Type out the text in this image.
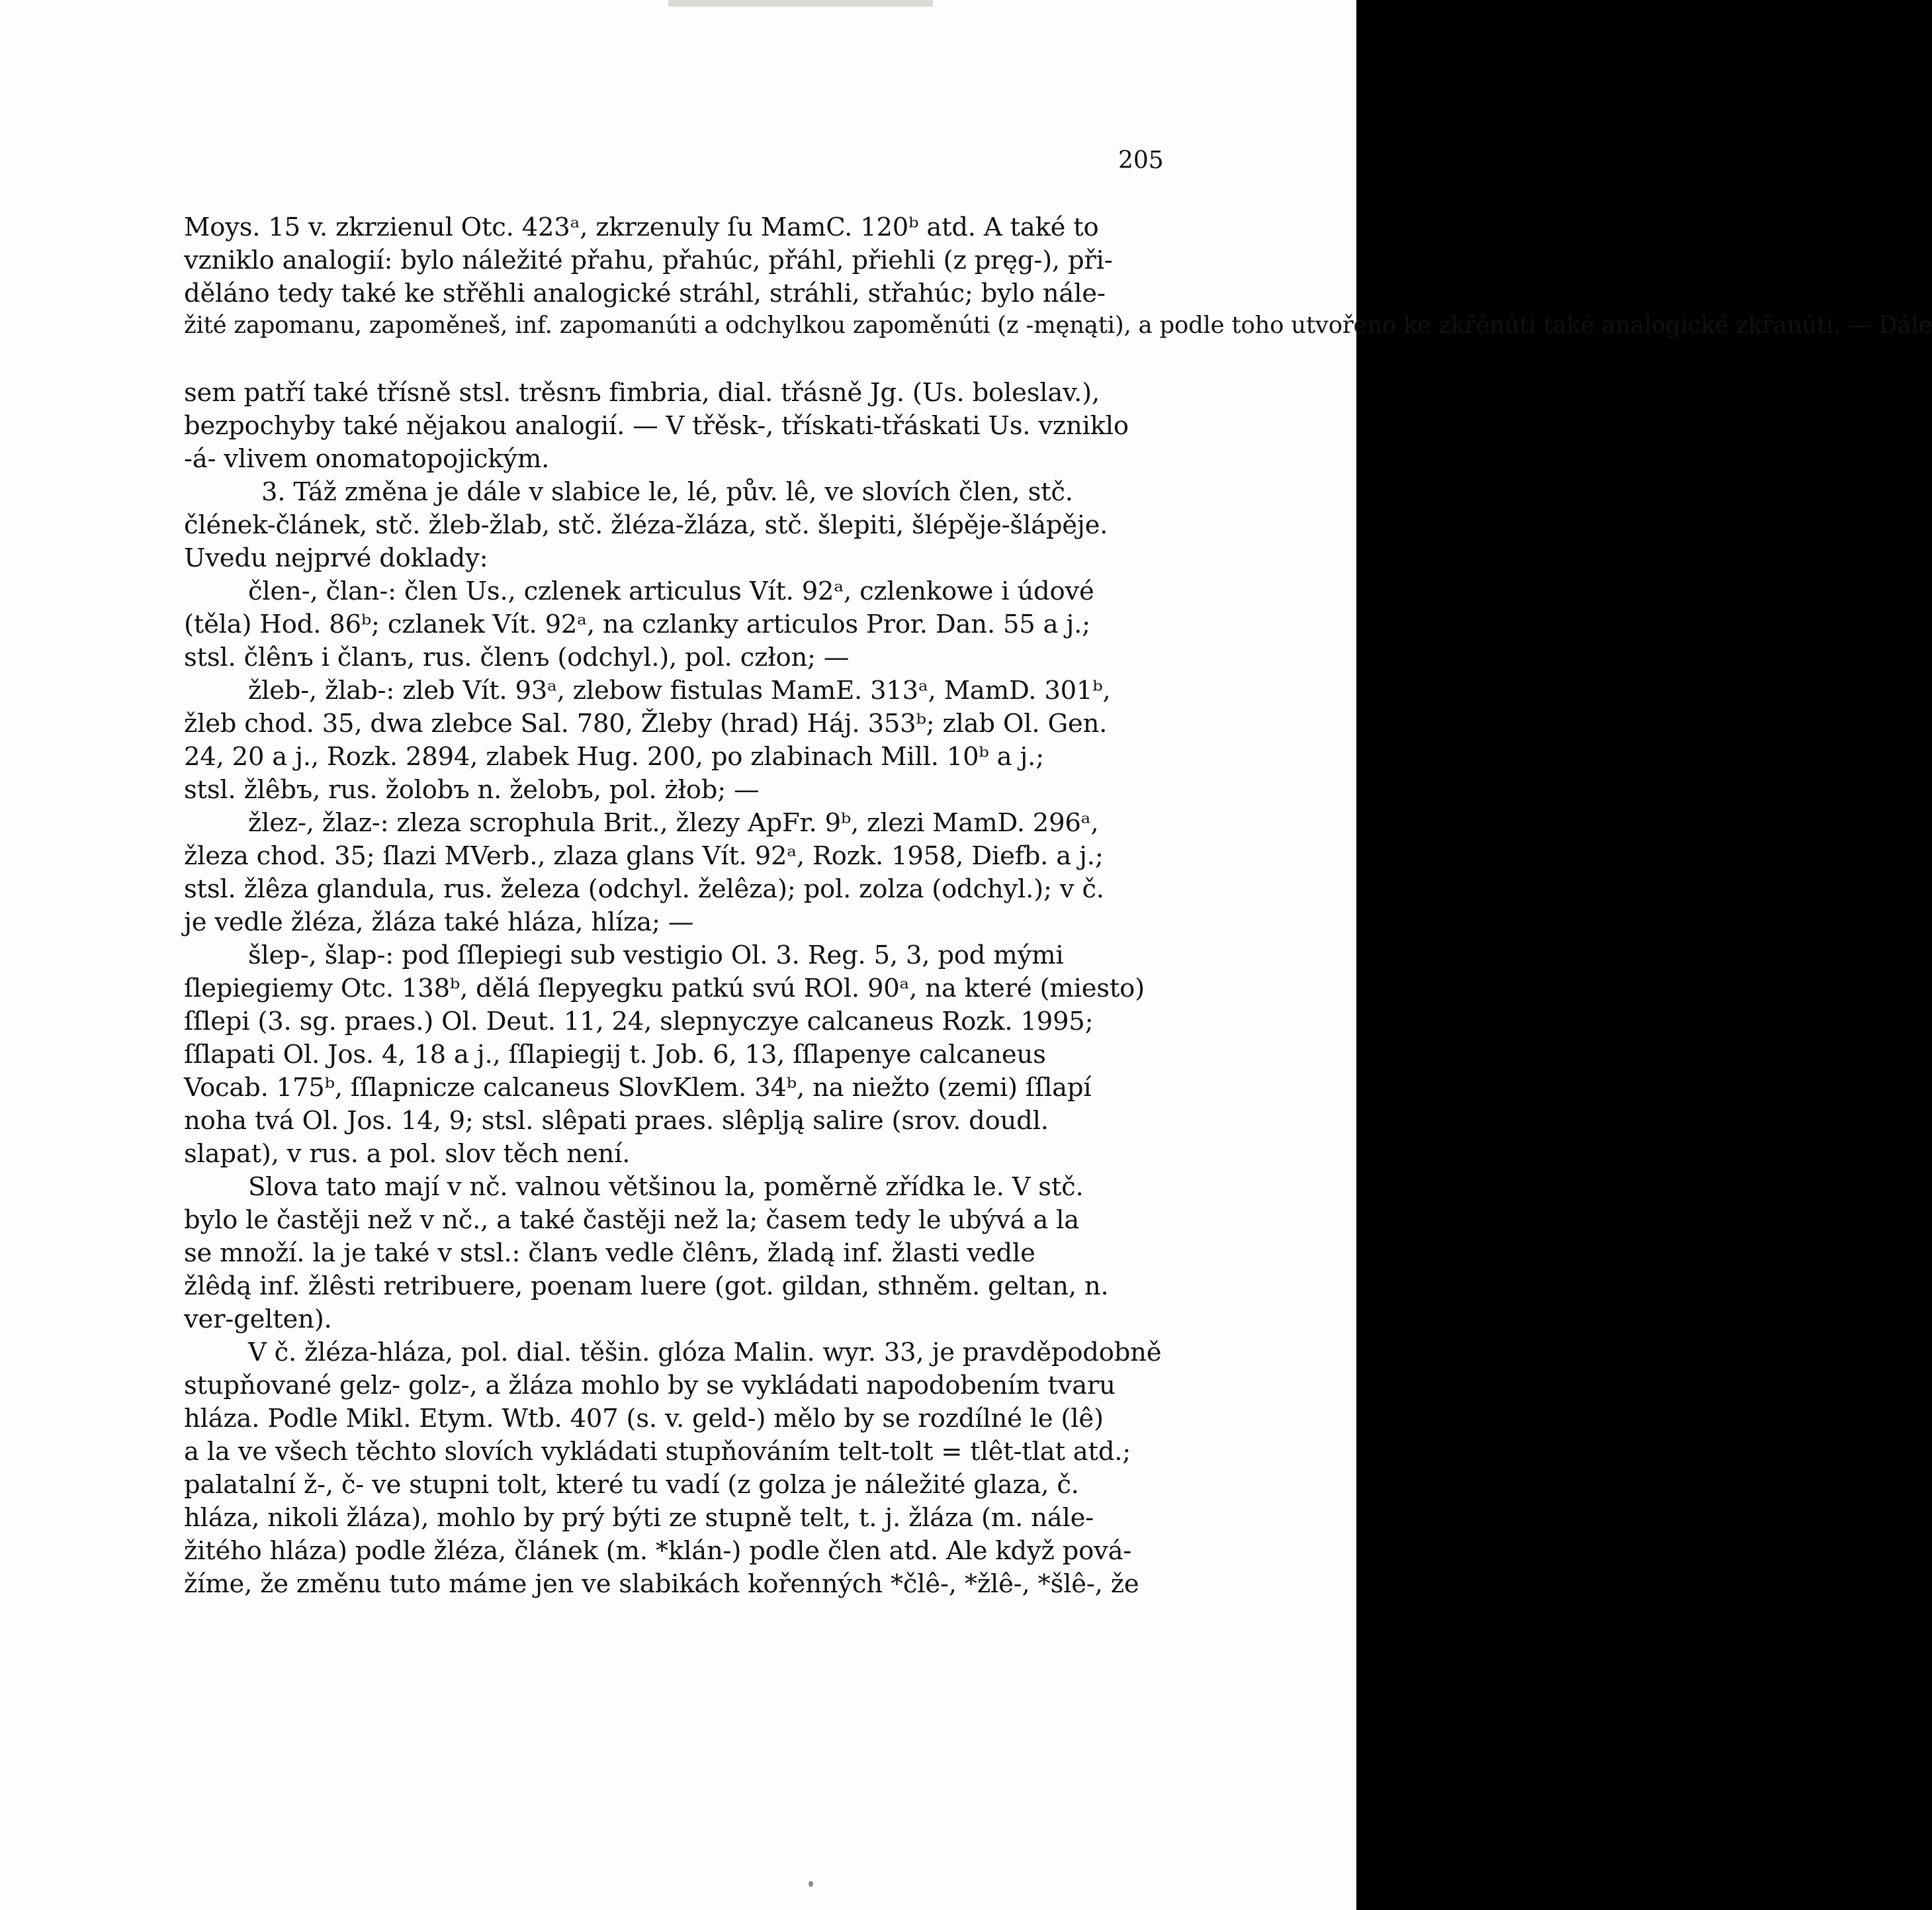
205
Moys. 15 v. zkrzienul Otc. 423ᵃ, zkrzenuly ſu MamC. 120ᵇ atd. A také to
vzniklo analogií: bylo náležité přahu, přahúc, přáhl, přiehli (z pręg-), při-
děláno tedy také ke střěhli analogické stráhl, stráhli, střahúc; bylo nále-
žité zapomanu, zapoměneš, inf. zapomanúti a odchylkou zapoměnúti (z -męnąti), a podle toho utvořeno ke zkřěnúti také analogické zkřanúti. — Dále
sem patří také třísně stsl. trěsnъ fimbria, dial. třásně Jg. (Us. boleslav.),
bezpochyby také nějakou analogií. — V třěsk-, třískati-třáskati Us. vzniklo
-á- vlivem onomatopojickým.
3. Táž změna je dále v slabice le, lé, pův. lê, ve slovích člen, stč.
člének-článek, stč. žleb-žlab, stč. žléza-žláza, stč. šlepiti, šlépěje-šlápěje.
Uvedu nejprvé doklady:
člen-, član-: člen Us., czlenek articulus Vít. 92ᵃ, czlenkowe i údové
(těla) Hod. 86ᵇ; czlanek Vít. 92ᵃ, na czlanky articulos Pror. Dan. 55 a j.;
stsl. člênъ i članъ, rus. členъ (odchyl.), pol. człon; —
žleb-, žlab-: zleb Vít. 93ᵃ, zlebow fistulas MamE. 313ᵃ, MamD. 301ᵇ,
žleb chod. 35, dwa zlebce Sal. 780, Žleby (hrad) Háj. 353ᵇ; zlab Ol. Gen.
24, 20 a j., Rozk. 2894, zlabek Hug. 200, po zlabinach Mill. 10ᵇ a j.;
stsl. žlêbъ, rus. žolobъ n. želobъ, pol. żłob; —
žlez-, žlaz-: zleza scrophula Brit., žlezy ApFr. 9ᵇ, zlezi MamD. 296ᵃ,
žleza chod. 35; ſlazi MVerb., zlaza glans Vít. 92ᵃ, Rozk. 1958, Diefb. a j.;
stsl. žlêza glandula, rus. železa (odchyl. želêza); pol. zolza (odchyl.); v č.
je vedle žléza, žláza také hláza, hlíza; —
šlep-, šlap-: pod ſſlepiegi sub vestigio Ol. 3. Reg. 5, 3, pod mými
ſlepiegiemy Otc. 138ᵇ, dělá ſlepyegku patkú svú ROl. 90ᵃ, na které (miesto)
ſſlepi (3. sg. praes.) Ol. Deut. 11, 24, slepnyczye calcaneus Rozk. 1995;
ſſlapati Ol. Jos. 4, 18 a j., ſſlapiegij t. Job. 6, 13, ſſlapenye calcaneus
Vocab. 175ᵇ, ſſlapnicze calcaneus SlovKlem. 34ᵇ, na niežto (zemi) ſſlapí
noha tvá Ol. Jos. 14, 9; stsl. slêpati praes. slêplją salire (srov. doudl.
slapat), v rus. a pol. slov těch není.
Slova tato mají v nč. valnou většinou la, poměrně zřídka le. V stč.
bylo le častěji než v nč., a také častěji než la; časem tedy le ubývá a la
se množí. la je také v stsl.: članъ vedle člênъ, žladą inf. žlasti vedle
žlêdą inf. žlêsti retribuere, poenam luere (got. gildan, sthněm. geltan, n.
ver-gelten).
V č. žléza-hláza, pol. dial. těšin. glóza Malin. wyr. 33, je pravděpodobně
stupňované gelz- golz-, a žláza mohlo by se vykládati napodobením tvaru
hláza. Podle Mikl. Etym. Wtb. 407 (s. v. geld-) mělo by se rozdílné le (lê)
a la ve všech těchto slovích vykládati stupňováním telt-tolt = tlêt-tlat atd.;
palatalní ž-, č- ve stupni tolt, které tu vadí (z golza je náležité glaza, č.
hláza, nikoli žláza), mohlo by prý býti ze stupně telt, t. j. žláza (m. nále-
žitého hláza) podle žléza, článek (m. *klán-) podle člen atd. Ale když pová-
žíme, že změnu tuto máme jen ve slabikách kořenných *člê-, *žlê-, *šlê-, že
